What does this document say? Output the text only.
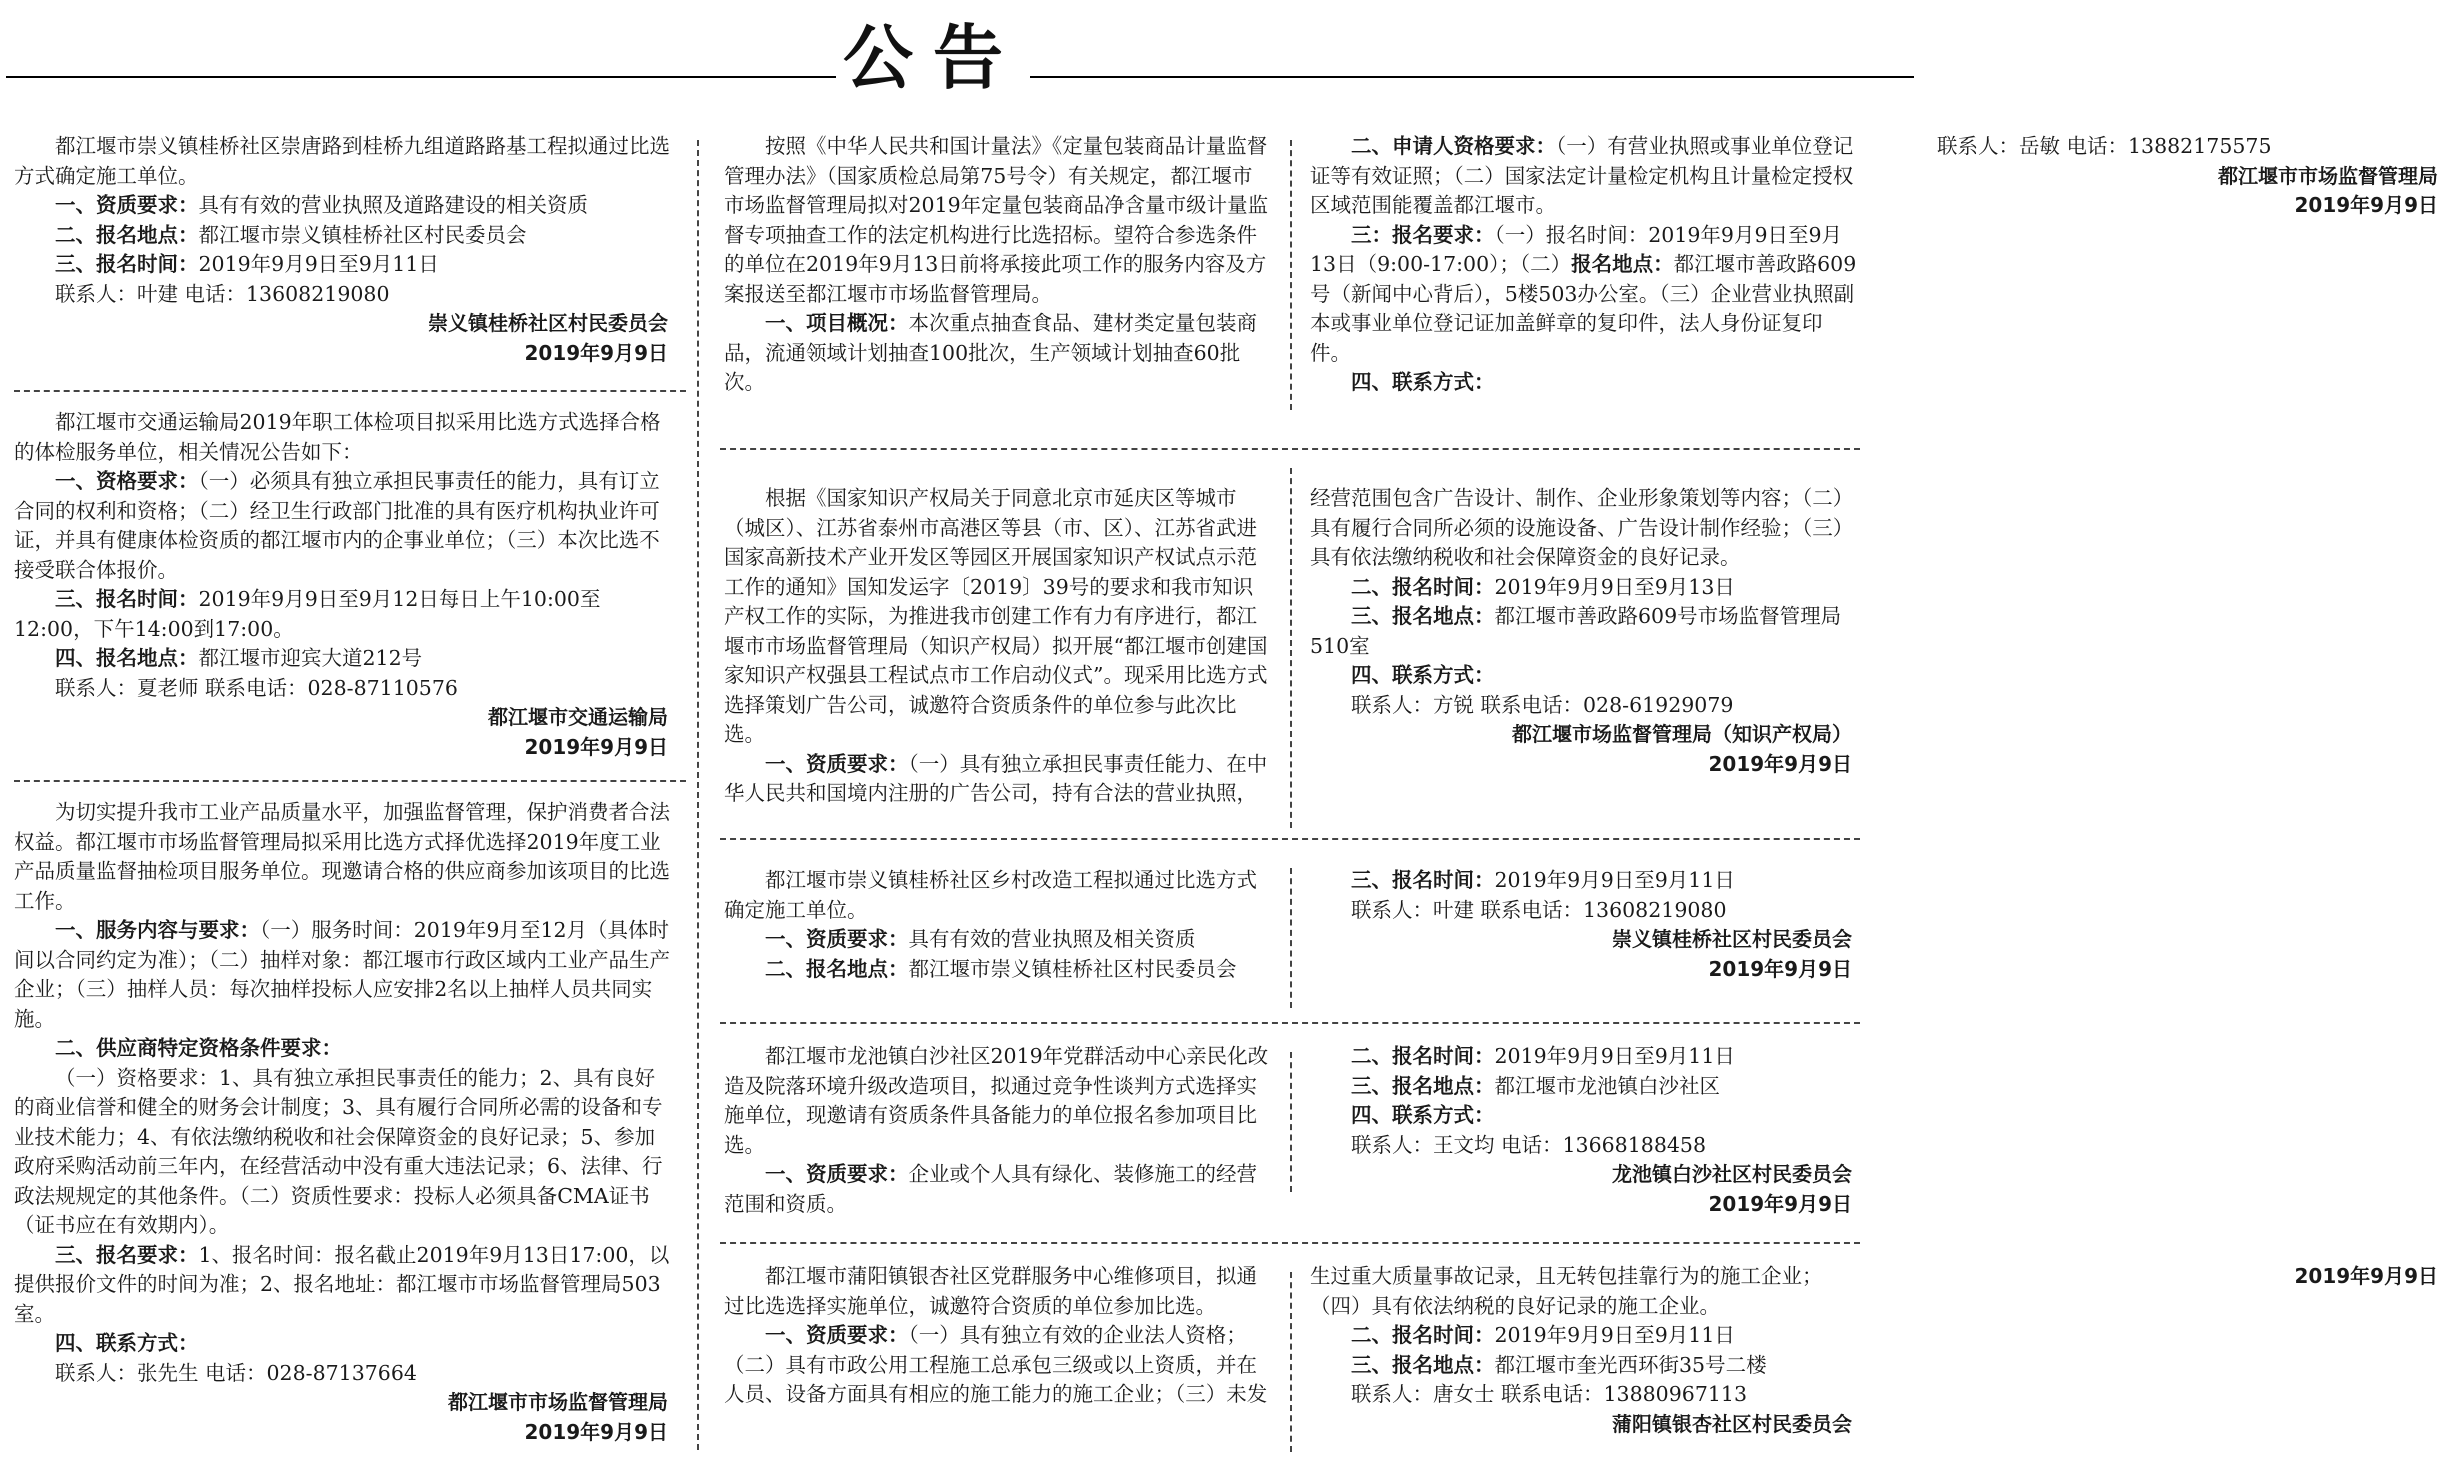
公告

都江堰市崇义镇桂桥社区崇唐路到桂桥九组道路路基工程拟通过比选方式确定施工单位。

一、资质要求：具有有效的营业执照及道路建设的相关资质

二、报名地点：都江堰市崇义镇桂桥社区村民委员会

三、报名时间：2019年9月9日至9月11日

联系人：叶建 电话：13608219080

崇义镇桂桥社区村民委员会

2019年9月9日

都江堰市交通运输局2019年职工体检项目拟采用比选方式选择合格的体检服务单位，相关情况公告如下：

一、资格要求：（一）必须具有独立承担民事责任的能力，具有订立合同的权利和资格；（二）经卫生行政部门批准的具有医疗机构执业许可证，并具有健康体检资质的都江堰市内的企事业单位；（三）本次比选不接受联合体报价。

三、报名时间：2019年9月9日至9月12日每日上午10:00至12:00，下午14:00到17:00。

四、报名地点：都江堰市迎宾大道212号

联系人：夏老师 联系电话：028-87110576

都江堰市交通运输局

2019年9月9日

为切实提升我市工业产品质量水平，加强监督管理，保护消费者合法权益。都江堰市市场监督管理局拟采用比选方式择优选择2019年度工业产品质量监督抽检项目服务单位。现邀请合格的供应商参加该项目的比选工作。

一、服务内容与要求：（一）服务时间：2019年9月至12月（具体时间以合同约定为准）；（二）抽样对象：都江堰市行政区域内工业产品生产企业；（三）抽样人员：每次抽样投标人应安排2名以上抽样人员共同实施。

二、供应商特定资格条件要求：

（一）资格要求：1、具有独立承担民事责任的能力；2、具有良好的商业信誉和健全的财务会计制度；3、具有履行合同所必需的设备和专业技术能力；4、有依法缴纳税收和社会保障资金的良好记录；5、参加政府采购活动前三年内，在经营活动中没有重大违法记录；6、法律、行政法规规定的其他条件。（二）资质性要求：投标人必须具备CMA证书（证书应在有效期内）。

三、报名要求：1、报名时间：报名截止2019年9月13日17:00，以提供报价文件的时间为准；2、报名地址：都江堰市市场监督管理局503室。

四、联系方式：

联系人：张先生 电话：028-87137664

都江堰市市场监督管理局

2019年9月9日

按照《中华人民共和国计量法》《定量包装商品计量监督管理办法》（国家质检总局第75号令）有关规定，都江堰市市场监督管理局拟对2019年定量包装商品净含量市级计量监督专项抽查工作的法定机构进行比选招标。望符合参选条件的单位在2019年9月13日前将承接此项工作的服务内容及方案报送至都江堰市市场监督管理局。

一、项目概况：本次重点抽查食品、建材类定量包装商品，流通领域计划抽查100批次，生产领域计划抽查60批次。

二、申请人资格要求：（一）有营业执照或事业单位登记证等有效证照；（二）国家法定计量检定机构且计量检定授权区域范围能覆盖都江堰市。

三：报名要求：（一）报名时间：2019年9月9日至9月13日（9:00-17:00）；（二）报名地点：都江堰市善政路609号（新闻中心背后），5楼503办公室。（三）企业营业执照副本或事业单位登记证加盖鲜章的复印件，法人身份证复印件。

四、联系方式：

联系人：岳敏 电话：13882175575

都江堰市市场监督管理局

2019年9月9日

根据《国家知识产权局关于同意北京市延庆区等城市（城区）、江苏省泰州市高港区等县（市、区）、江苏省武进国家高新技术产业开发区等园区开展国家知识产权试点示范工作的通知》国知发运字〔2019〕39号的要求和我市知识产权工作的实际，为推进我市创建工作有力有序进行，都江堰市市场监督管理局（知识产权局）拟开展“都江堰市创建国家知识产权强县工程试点市工作启动仪式”。现采用比选方式选择策划广告公司，诚邀符合资质条件的单位参与此次比选。

一、资质要求：（一）具有独立承担民事责任能力、在中华人民共和国境内注册的广告公司，持有合法的营业执照，经营范围包含广告设计、制作、企业形象策划等内容；（二）具有履行合同所必须的设施设备、广告设计制作经验；（三）具有依法缴纳税收和社会保障资金的良好记录。

二、报名时间：2019年9月9日至9月13日

三、报名地点：都江堰市善政路609号市场监督管理局510室

四、联系方式：

联系人：方锐 联系电话：028-61929079

都江堰市场监督管理局（知识产权局）

2019年9月9日

都江堰市崇义镇桂桥社区乡村改造工程拟通过比选方式确定施工单位。

一、资质要求：具有有效的营业执照及相关资质

二、报名地点：都江堰市崇义镇桂桥社区村民委员会

三、报名时间：2019年9月9日至9月11日

联系人：叶建 联系电话：13608219080

崇义镇桂桥社区村民委员会

2019年9月9日

都江堰市龙池镇白沙社区2019年党群活动中心亲民化改造及院落环境升级改造项目，拟通过竞争性谈判方式选择实施单位，现邀请有资质条件具备能力的单位报名参加项目比选。

一、资质要求：企业或个人具有绿化、装修施工的经营范围和资质。

二、报名时间：2019年9月9日至9月11日

三、报名地点：都江堰市龙池镇白沙社区

四、联系方式：

联系人：王文均 电话：13668188458

龙池镇白沙社区村民委员会

2019年9月9日

都江堰市蒲阳镇银杏社区党群服务中心维修项目，拟通过比选选择实施单位，诚邀符合资质的单位参加比选。

一、资质要求：（一）具有独立有效的企业法人资格；（二）具有市政公用工程施工总承包三级或以上资质，并在人员、设备方面具有相应的施工能力的施工企业；（三）未发生过重大质量事故记录，且无转包挂靠行为的施工企业；（四）具有依法纳税的良好记录的施工企业。

二、报名时间：2019年9月9日至9月11日

三、报名地点：都江堰市奎光西环街35号二楼

联系人：唐女士 联系电话：13880967113

蒲阳镇银杏社区村民委员会

2019年9月9日
